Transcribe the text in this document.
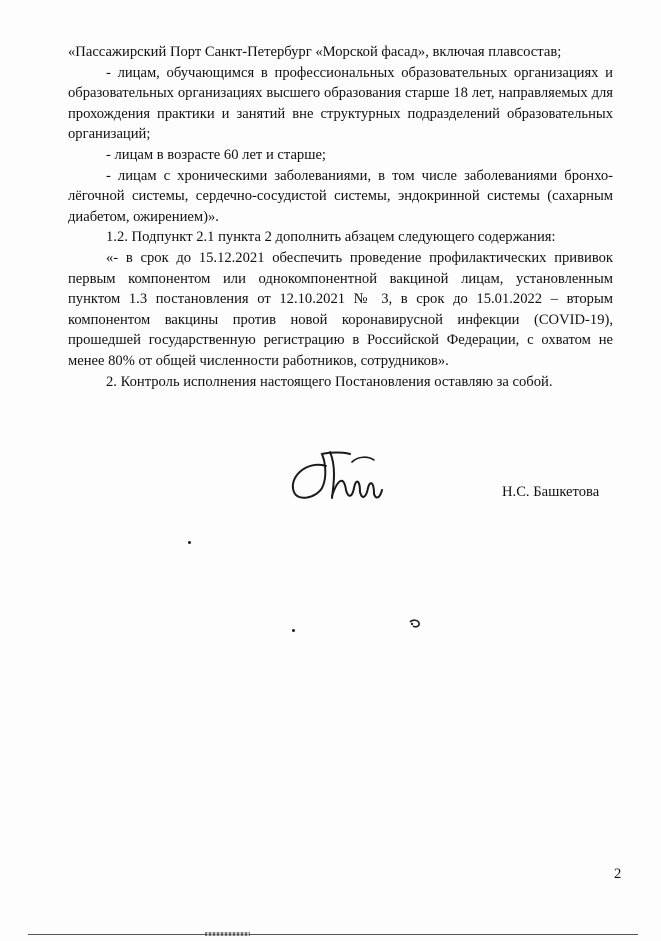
«Пассажирский Порт Санкт-Петербург «Морской фасад», включая плавсостав;

- лицам, обучающимся в профессиональных образовательных организациях и образовательных организациях высшего образования старше 18 лет, направляемых для прохождения практики и занятий вне структурных подразделений образовательных организаций;

- лицам в возрасте 60 лет и старше;

- лицам с хроническими заболеваниями, в том числе заболеваниями бронхо-лёгочной системы, сердечно-сосудистой системы, эндокринной системы (сахарным диабетом, ожирением)».

1.2. Подпункт 2.1 пункта 2 дополнить абзацем следующего содержания:

«- в срок до 15.12.2021 обеспечить проведение профилактических прививок первым компонентом или однокомпонентной вакциной лицам, установленным пунктом 1.3 постановления от 12.10.2021 № 3, в срок до 15.01.2022 – вторым компонентом вакцины против новой коронавирусной инфекции (COVID-19), прошедшей государственную регистрацию в Российской Федерации, с охватом не менее 80% от общей численности работников, сотрудников».

2. Контроль исполнения настоящего Постановления оставляю за собой.

Н.С. Башкетова
2
